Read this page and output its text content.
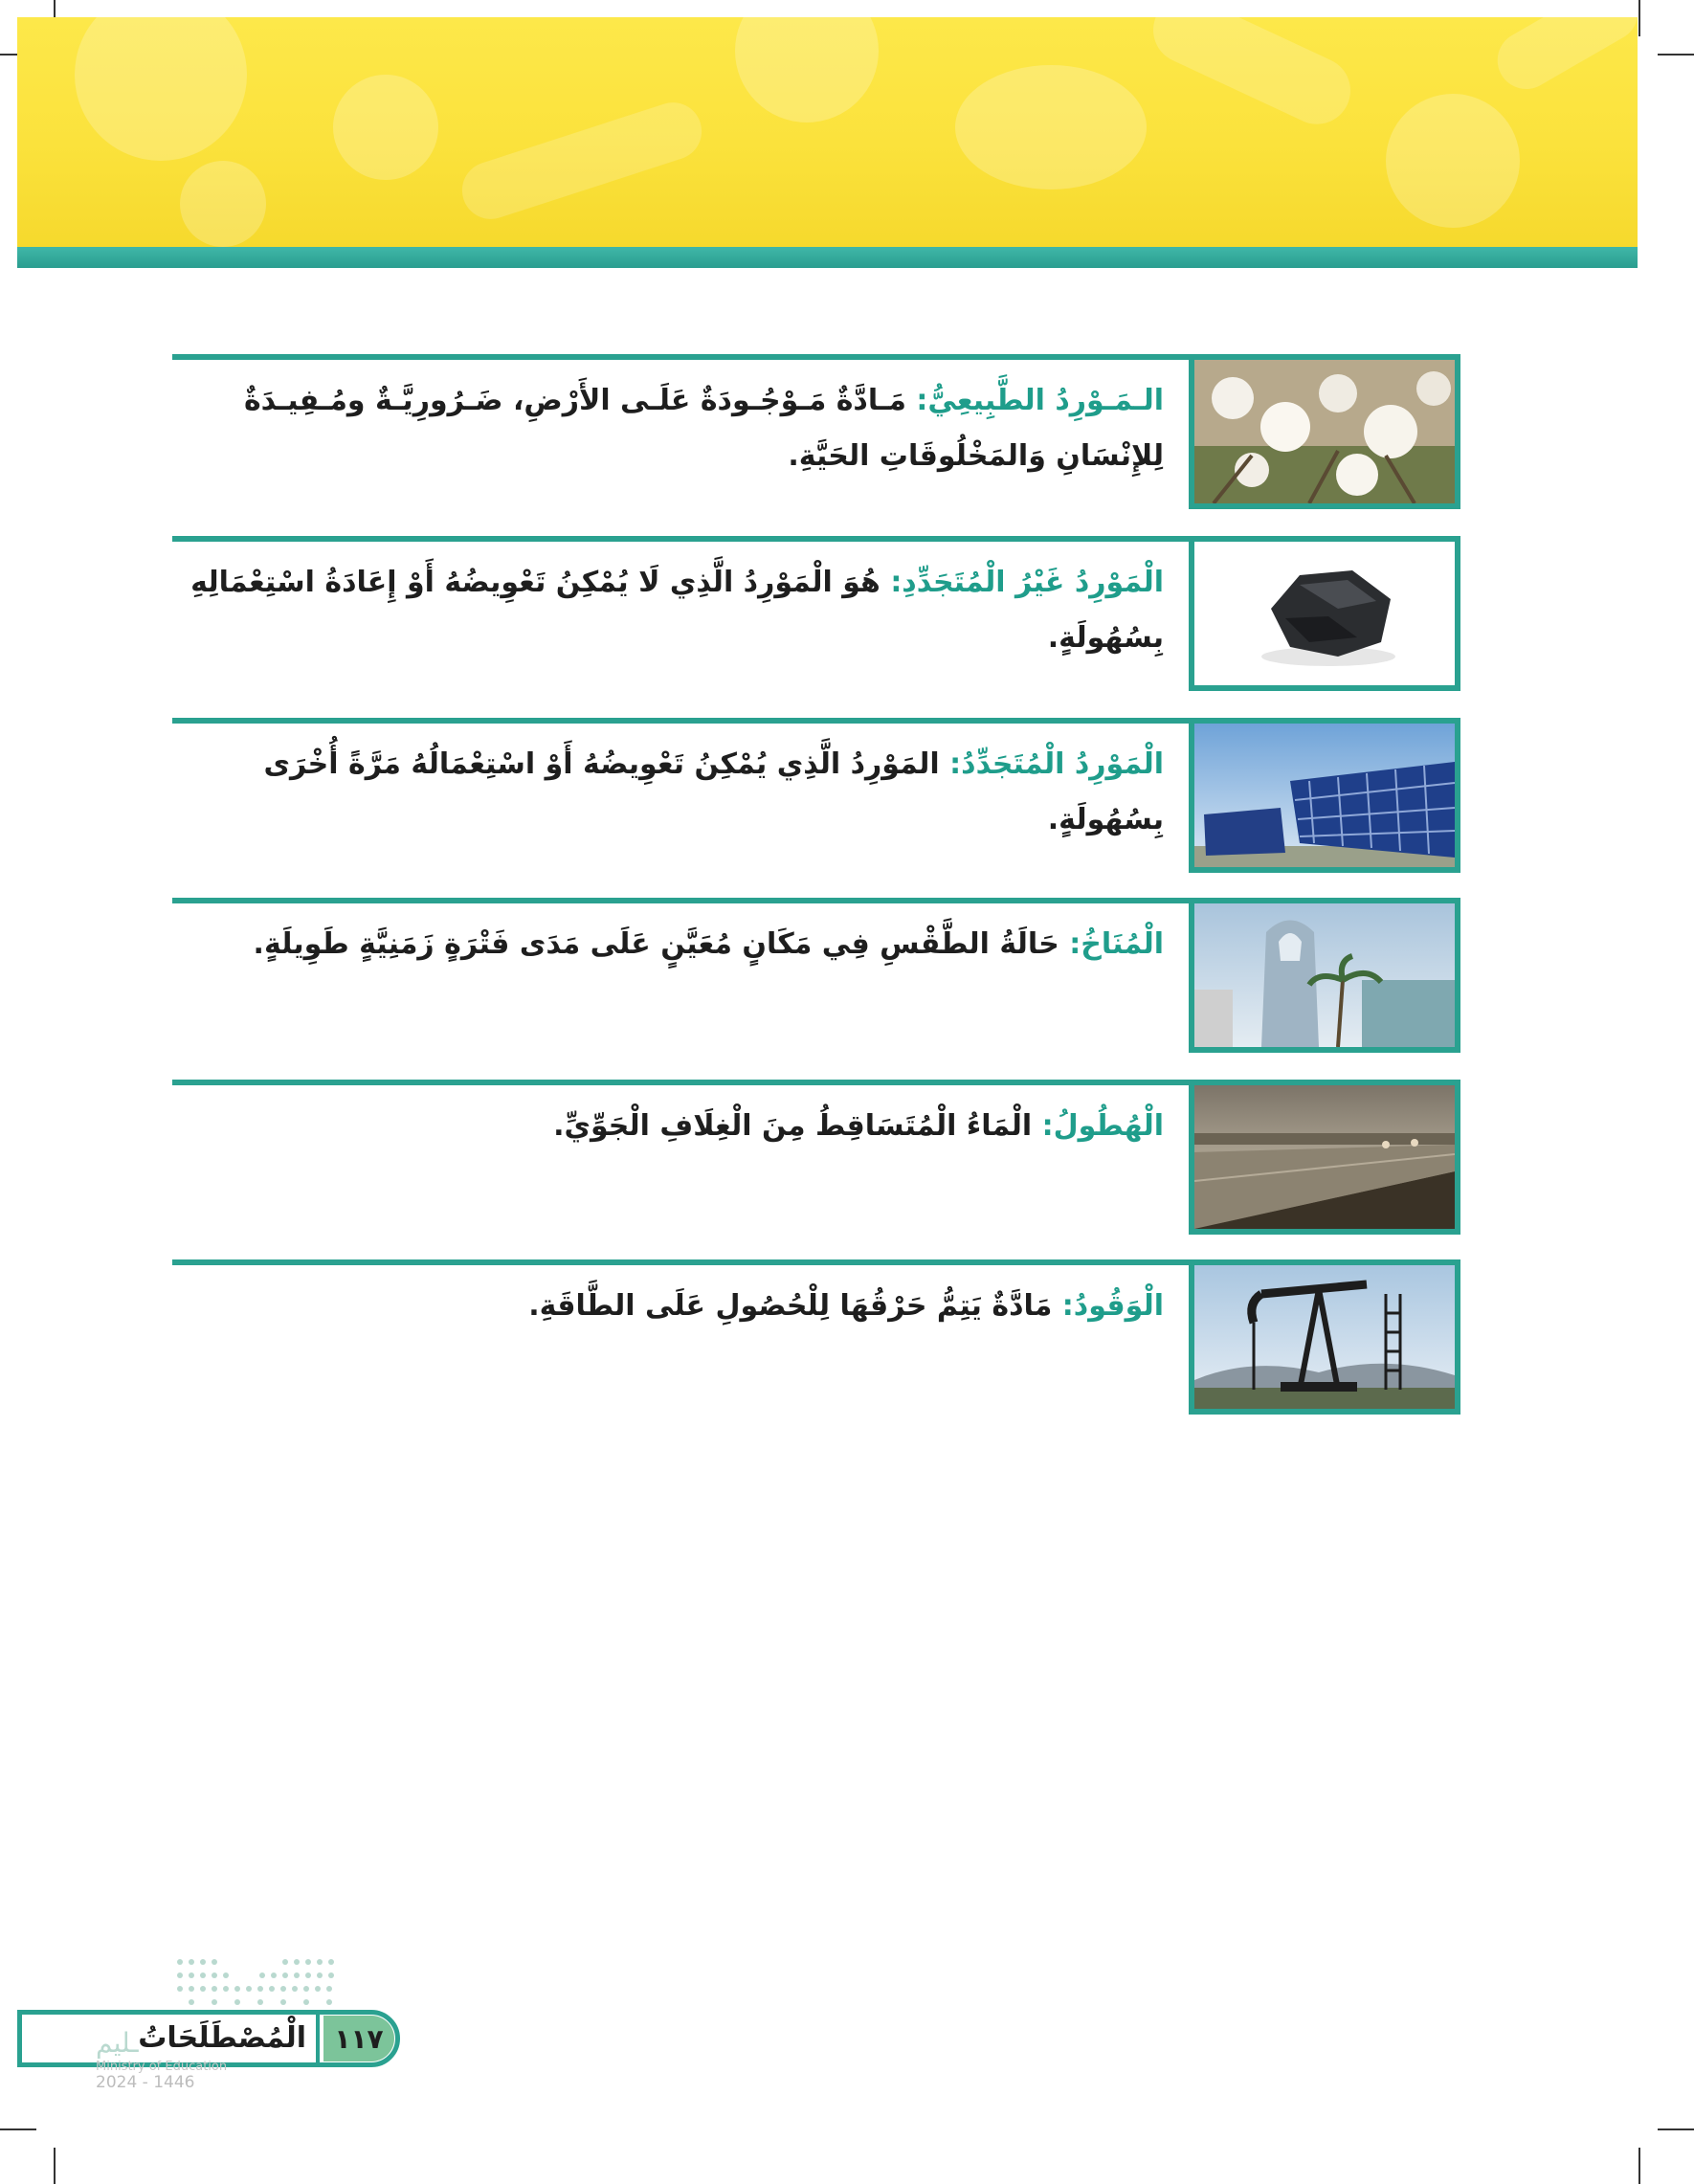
الـمَـوْرِدُ الطَّبِيعِيُّ: مَـادَّةٌ مَـوْجُـودَةٌ عَلَـى الأَرْضِ، ضَـرُورِيَّـةٌ ومُـفِيـدَةٌ لِلإِنْسَانِ وَالمَخْلُوقَاتِ الحَيَّةِ.
الْمَوْرِدُ غَيْرُ الْمُتَجَدِّدِ: هُوَ الْمَوْرِدُ الَّذِي لَا يُمْكِنُ تَعْوِيضُهُ أَوْ إِعَادَةُ اسْتِعْمَالِهِ بِسُهُولَةٍ.
الْمَوْرِدُ الْمُتَجَدِّدُ: المَوْرِدُ الَّذِي يُمْكِنُ تَعْوِيضُهُ أَوْ اسْتِعْمَالُهُ مَرَّةً أُخْرَى بِسُهُولَةٍ.
الْمُنَاخُ: حَالَةُ الطَّقْسِ فِي مَكَانٍ مُعَيَّنٍ عَلَى مَدَى فَتْرَةٍ زَمَنِيَّةٍ طَوِيلَةٍ.
الْهُطُولُ: الْمَاءُ الْمُتَسَاقِطُ مِنَ الْغِلَافِ الْجَوِّيِّ.
الْوَقُودُ: مَادَّةٌ يَتِمُّ حَرْقُهَا لِلْحُصُولِ عَلَى الطَّاقَةِ.
١١٧
ـليم الْمُصْطَلَحَاتُ
Ministry of Education
2024 - 1446
